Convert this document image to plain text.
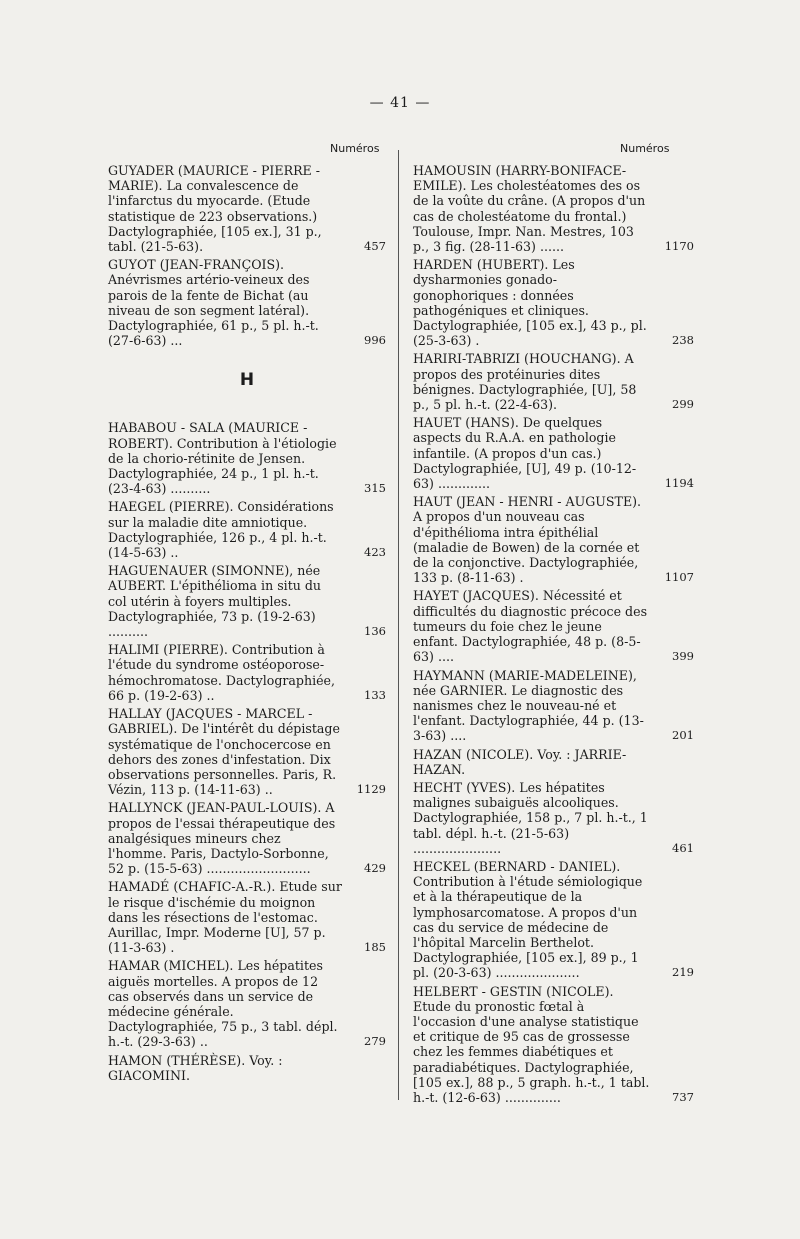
— 41 —
Numéros	Numéros
GUYADER (MAURICE - PIERRE - MARIE). La convalescence de l'infarctus du myocarde. (Etude statistique de 223 observations.) Dactylographiée, [105 ex.], 31 p., tabl. (21-5-63).	457
GUYOT (JEAN-FRANÇOIS). Anévrismes artério-veineux des parois de la fente de Bichat (au niveau de son segment latéral). Dactylographiée, 61 p., 5 pl. h.-t. (27-6-63) ...	996
H
HABABOU - SALA (MAURICE - ROBERT). Contribution à l'étiologie de la chorio-rétinite de Jensen. Dactylographiée, 24 p., 1 pl. h.-t. (23-4-63) ..........	315
HAEGEL (PIERRE). Considérations sur la maladie dite amniotique. Dactylographiée, 126 p., 4 pl. h.-t. (14-5-63) ..	423
HAGUENAUER (SIMONNE), née AUBERT. L'épithélioma in situ du col utérin à foyers multiples. Dactylographiée, 73 p. (19-2-63) ..........	136
HALIMI (PIERRE). Contribution à l'étude du syndrome ostéoporose-hémochromatose. Dactylographiée, 66 p. (19-2-63) ..	133
HALLAY (JACQUES - MARCEL - GABRIEL). De l'intérêt du dépistage systématique de l'onchocercose en dehors des zones d'infestation. Dix observations personnelles. Paris, R. Vézin, 113 p. (14-11-63) ..	1129
HALLYNCK (JEAN-PAUL-LOUIS). A propos de l'essai thérapeutique des analgésiques mineurs chez l'homme. Paris, Dactylo-Sorbonne, 52 p. (15-5-63) ..........................	429
HAMADÉ (CHAFIC-A.-R.). Etude sur le risque d'ischémie du moignon dans les résections de l'estomac. Aurillac, Impr. Moderne [U], 57 p. (11-3-63) .	185
HAMAR (MICHEL). Les hépatites aiguës mortelles. A propos de 12 cas observés dans un service de médecine générale. Dactylographiée, 75 p., 3 tabl. dépl. h.-t. (29-3-63) ..	279
HAMON (THÉRÈSE). Voy. : GIACOMINI.
HAMOUSIN (HARRY-BONIFACE-EMILE). Les cholestéatomes des os de la voûte du crâne. (A propos d'un cas de cholestéatome du frontal.) Toulouse, Impr. Nan. Mestres, 103 p., 3 fig. (28-11-63) ......	1170
HARDEN (HUBERT). Les dysharmonies gonado-gonophoriques : données pathogéniques et cliniques. Dactylographiée, [105 ex.], 43 p., pl. (25-3-63) .	238
HARIRI-TABRIZI (HOUCHANG). A propos des protéinuries dites bénignes. Dactylographiée, [U], 58 p., 5 pl. h.-t. (22-4-63).	299
HAUET (HANS). De quelques aspects du R.A.A. en pathologie infantile. (A propos d'un cas.) Dactylographiée, [U], 49 p. (10-12-63) .............	1194
HAUT (JEAN - HENRI - AUGUSTE). A propos d'un nouveau cas d'épithélioma intra épithélial (maladie de Bowen) de la cornée et de la conjonctive. Dactylographiée, 133 p. (8-11-63) .	1107
HAYET (JACQUES). Nécessité et difficultés du diagnostic précoce des tumeurs du foie chez le jeune enfant. Dactylographiée, 48 p. (8-5-63) ....	399
HAYMANN (MARIE-MADELEINE), née GARNIER. Le diagnostic des nanismes chez le nouveau-né et l'enfant. Dactylographiée, 44 p. (13-3-63) ....	201
HAZAN (NICOLE). Voy. : JARRIE-HAZAN.
HECHT (YVES). Les hépatites malignes subaiguës alcooliques. Dactylographiée, 158 p., 7 pl. h.-t., 1 tabl. dépl. h.-t. (21-5-63) ......................	461
HECKEL (BERNARD - DANIEL). Contribution à l'étude sémiologique et à la thérapeutique de la lymphosarcomatose. A propos d'un cas du service de médecine de l'hôpital Marcelin Berthelot. Dactylographiée, [105 ex.], 89 p., 1 pl. (20-3-63) .....................	219
HELBERT - GESTIN (NICOLE). Etude du pronostic fœtal à l'occasion d'une analyse statistique et critique de 95 cas de grossesse chez les femmes diabétiques et paradiabétiques. Dactylographiée, [105 ex.], 88 p., 5 graph. h.-t., 1 tabl. h.-t. (12-6-63) ..............	737
